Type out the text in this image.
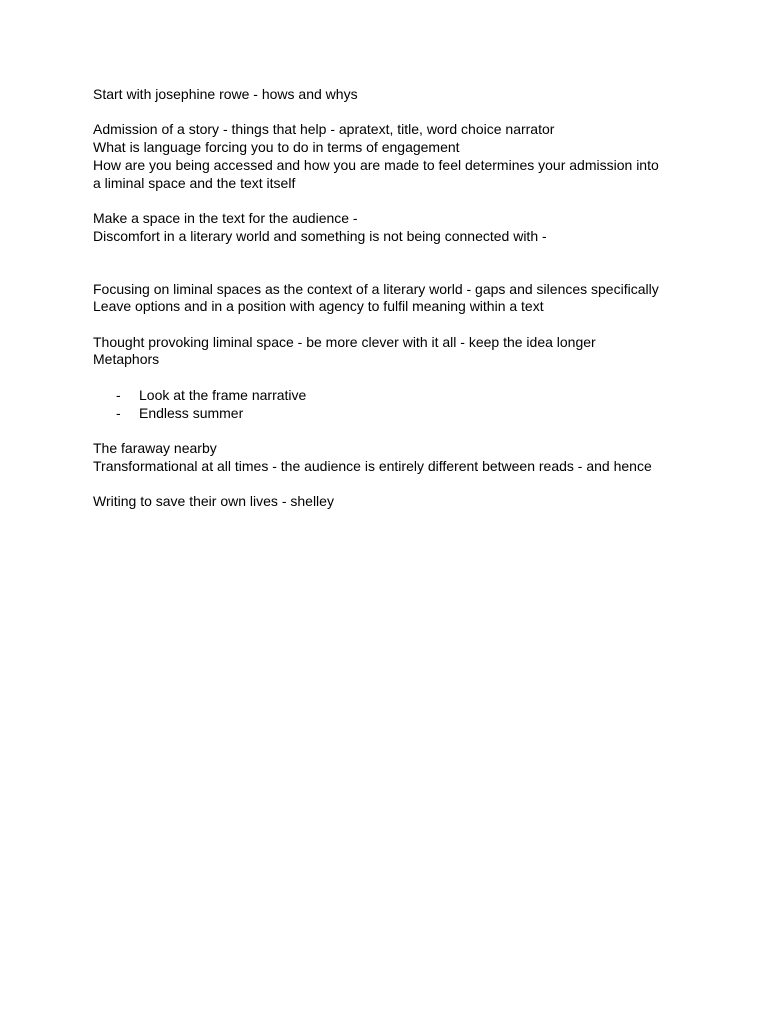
Start with josephine rowe - hows and whys

Admission of a story - things that help - apratext, title, word choice narrator
What is language forcing you to do in terms of engagement
How are you being accessed and how you are made to feel determines your admission into
a liminal space and the text itself

Make a space in the text for the audience -
Discomfort in a literary world and something is not being connected with -

Focusing on liminal spaces as the context of a literary world - gaps and silences specifically
Leave options and in a position with agency to fulfil meaning within a text

Thought provoking liminal space - be more clever with it all - keep the idea longer
Metaphors

-	Look at the frame narrative
-	Endless summer

The faraway nearby
Transformational at all times - the audience is entirely different between reads - and hence

Writing to save their own lives - shelley
